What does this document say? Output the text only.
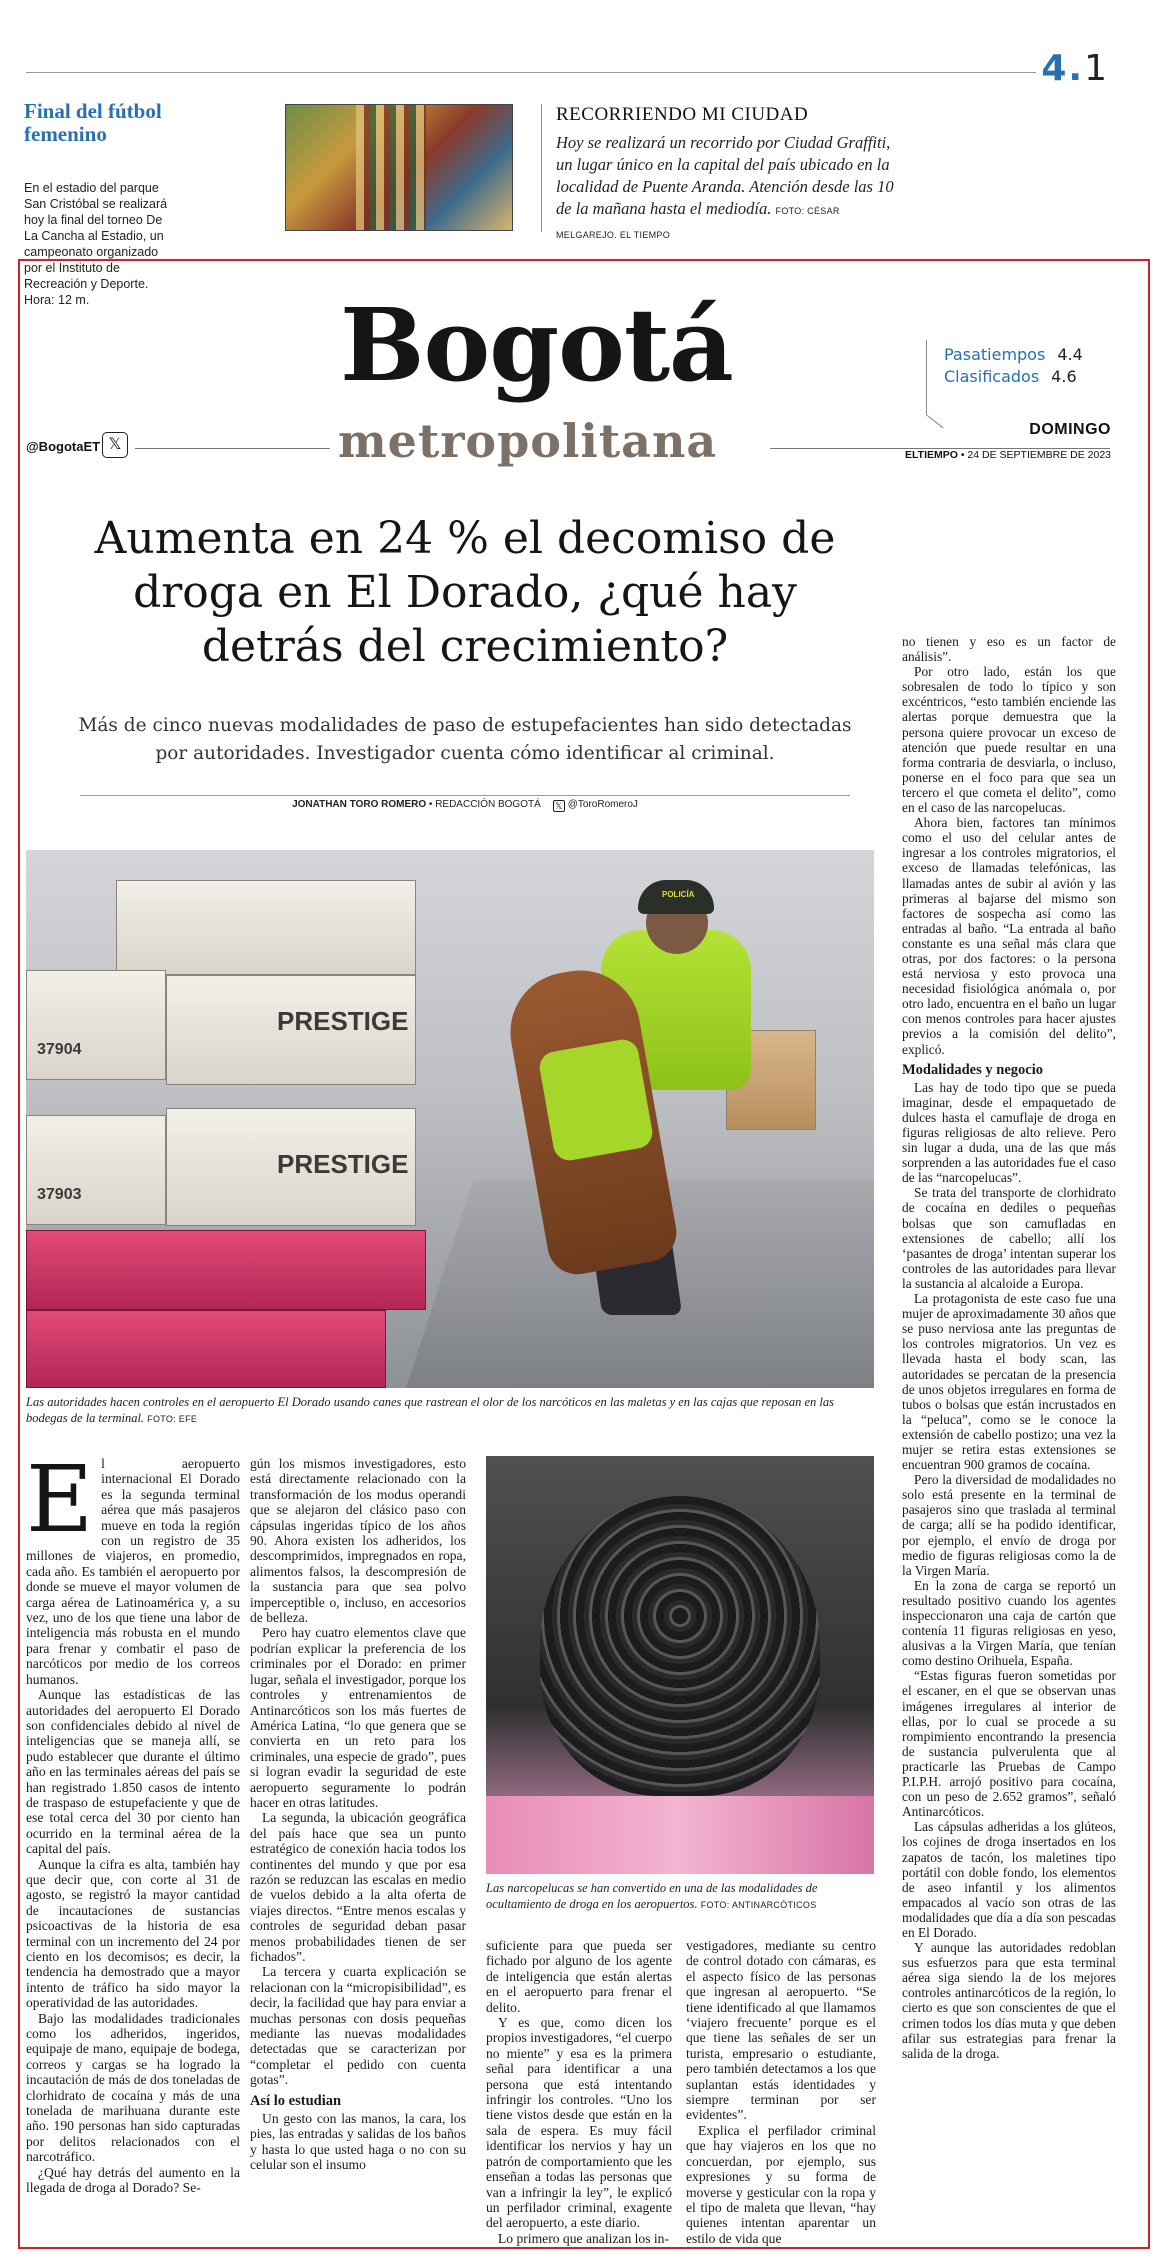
4.1
Final del fútbol femenino
En el estadio del parque San Cristóbal se realizará hoy la final del torneo De La Cancha al Estadio, un campeonato organizado por el Instituto de Recreación y Deporte. Hora: 12 m.
RECORRIENDO MI CIUDAD
Hoy se realizará un recorrido por Ciudad Graffiti, un lugar único en la capital del país ubicado en la localidad de Puente Aranda. Atención desde las 10 de la mañana hasta el mediodía. FOTO: CÉSAR MELGAREJO. EL TIEMPO
Bogotá
metropolitana
@BogotaET 𝕏
Pasatiempos 4.4
Clasificados 4.6
DOMINGO
ELTIEMPO • 24 DE SEPTIEMBRE DE 2023
Aumenta en 24 % el decomiso de droga en El Dorado, ¿qué hay detrás del crecimiento?
Más de cinco nuevas modalidades de paso de estupefacientes han sido detectadas por autoridades. Investigador cuenta cómo identificar al criminal.
JONATHAN TORO ROMERO • REDACCIÓN BOGOTÁ 𝕏 @ToroRomeroJ
37904
PRESTIGE
37903
PRESTIGE
POLICÍA
Las autoridades hacen controles en el aeropuerto El Dorado usando canes que rastrean el olor de los narcóticos en las maletas y en las cajas que reposan en las bodegas de la terminal. FOTO: EFE
Las narcopelucas se han convertido en una de las modalidades de ocultamiento de droga en los aeropuertos. FOTO: ANTINARCÓTICOS

El aeropuerto internacional El Dorado es la segunda terminal aérea que más pasajeros mueve en toda la región con un registro de 35 millones de viajeros, en promedio, cada año. Es también el aeropuerto por donde se mueve el mayor volumen de carga aérea de Latinoamérica y, a su vez, uno de los que tiene una labor de inteligencia más robusta en el mundo para frenar y combatir el paso de narcóticos por medio de los correos humanos.

Aunque las estadísticas de las autoridades del aeropuerto El Dorado son confidenciales debido al nivel de inteligencias que se maneja allí, se pudo establecer que durante el último año en las terminales aéreas del país se han registrado 1.850 casos de intento de traspaso de estupefaciente y que de ese total cerca del 30 por ciento han ocurrido en la terminal aérea de la capital del país.

Aunque la cifra es alta, también hay que decir que, con corte al 31 de agosto, se registró la mayor cantidad de incautaciones de sustancias psicoactivas de la historia de esa terminal con un incremento del 24 por ciento en los decomisos; es decir, la tendencia ha demostrado que a mayor intento de tráfico ha sido mayor la operatividad de las autoridades.

Bajo las modalidades tradicionales como los adheridos, ingeridos, equipaje de mano, equipaje de bodega, correos y cargas se ha logrado la incautación de más de dos toneladas de clorhidrato de cocaína y más de una tonelada de marihuana durante este año. 190 personas han sido capturadas por delitos relacionados con el narcotráfico.

¿Qué hay detrás del aumento en la llegada de droga al Dorado? Se-

gún los mismos investigadores, esto está directamente relacionado con la transformación de los modus operandi que se alejaron del clásico paso con cápsulas ingeridas típico de los años 90. Ahora existen los adheridos, los descomprimidos, impregnados en ropa, alimentos falsos, la descompresión de la sustancia para que sea polvo imperceptible o, incluso, en accesorios de belleza.

Pero hay cuatro elementos clave que podrían explicar la preferencia de los criminales por el Dorado: en primer lugar, señala el investigador, porque los controles y entrenamientos de Antinarcóticos son los más fuertes de América Latina, “lo que genera que se convierta en un reto para los criminales, una especie de grado”, pues si logran evadir la seguridad de este aeropuerto seguramente lo podrán hacer en otras latitudes.

La segunda, la ubicación geográfica del país hace que sea un punto estratégico de conexión hacia todos los continentes del mundo y que por esa razón se reduzcan las escalas en medio de vuelos debido a la alta oferta de viajes directos. “Entre menos escalas y controles de seguridad deban pasar menos probabilidades tienen de ser fichados”.

La tercera y cuarta explicación se relacionan con la “micropisibilidad”, es decir, la facilidad que hay para enviar a muchas personas con dosis pequeñas mediante las nuevas modalidades detectadas que se caracterizan por “completar el pedido con cuenta gotas”.

Así lo estudian

Un gesto con las manos, la cara, los pies, las entradas y salidas de los baños y hasta lo que usted haga o no con su celular son el insumo

suficiente para que pueda ser fichado por alguno de los agente de inteligencia que están alertas en el aeropuerto para frenar el delito.

Y es que, como dicen los propios investigadores, “el cuerpo no miente” y esa es la primera señal para identificar a una persona que está intentando infringir los controles. “Uno los tiene vistos desde que están en la sala de espera. Es muy fácil identificar los nervios y hay un patrón de comportamiento que les enseñan a todas las personas que van a infringir la ley”, le explicó un perfilador criminal, exagente del aeropuerto, a este diario.

Lo primero que analizan los in-

vestigadores, mediante su centro de control dotado con cámaras, es el aspecto físico de las personas que ingresan al aeropuerto. “Se tiene identificado al que llamamos ‘viajero frecuente’ porque es el que tiene las señales de ser un turista, empresario o estudiante, pero también detectamos a los que suplantan estás identidades y siempre terminan por ser evidentes”.

Explica el perfilador criminal que hay viajeros en los que no concuerdan, por ejemplo, sus expresiones y su forma de moverse y gesticular con la ropa y el tipo de maleta que llevan, “hay quienes intentan aparentar un estilo de vida que

no tienen y eso es un factor de análisis”.

Por otro lado, están los que sobresalen de todo lo típico y son excéntricos, “esto también enciende las alertas porque demuestra que la persona quiere provocar un exceso de atención que puede resultar en una forma contraria de desviarla, o incluso, ponerse en el foco para que sea un tercero el que cometa el delito”, como en el caso de las narcopelucas.

Ahora bien, factores tan mínimos como el uso del celular antes de ingresar a los controles migratorios, el exceso de llamadas telefónicas, las llamadas antes de subir al avión y las primeras al bajarse del mismo son factores de sospecha así como las entradas al baño. “La entrada al baño constante es una señal más clara que otras, por dos factores: o la persona está nerviosa y esto provoca una necesidad fisiológica anómala o, por otro lado, encuentra en el baño un lugar con menos controles para hacer ajustes previos a la comisión del delito”, explicó.

Modalidades y negocio

Las hay de todo tipo que se pueda imaginar, desde el empaquetado de dulces hasta el camuflaje de droga en figuras religiosas de alto relieve. Pero sin lugar a duda, una de las que más sorprenden a las autoridades fue el caso de las “narcopelucas”.

Se trata del transporte de clorhidrato de cocaína en dediles o pequeñas bolsas que son camufladas en extensiones de cabello; allí los ‘pasantes de droga’ intentan superar los controles de las autoridades para llevar la sustancia al alcaloide a Europa.

La protagonista de este caso fue una mujer de aproximadamente 30 años que se puso nerviosa ante las preguntas de los controles migratorios. Un vez es llevada hasta el body scan, las autoridades se percatan de la presencia de unos objetos irregulares en forma de tubos o bolsas que están incrustados en la “peluca”, como se le conoce la extensión de cabello postizo; una vez la mujer se retira estas extensiones se encuentran 900 gramos de cocaína.

Pero la diversidad de modalidades no solo está presente en la terminal de pasajeros sino que traslada al terminal de carga; allí se ha podido identificar, por ejemplo, el envío de droga por medio de figuras religiosas como la de la Virgen María.

En la zona de carga se reportó un resultado positivo cuando los agentes inspeccionaron una caja de cartón que contenía 11 figuras religiosas en yeso, alusivas a la Virgen María, que tenían como destino Orihuela, España.

“Estas figuras fueron sometidas por el escaner, en el que se observan unas imágenes irregulares al interior de ellas, por lo cual se procede a su rompimiento encontrando la presencia de sustancia pulverulenta que al practicarle las Pruebas de Campo P.I.P.H. arrojó positivo para cocaína, con un peso de 2.652 gramos”, señaló Antinarcóticos.

Las cápsulas adheridas a los glúteos, los cojines de droga insertados en los zapatos de tacón, los maletines tipo portátil con doble fondo, los elementos de aseo infantil y los alimentos empacados al vacío son otras de las modalidades que día a día son pescadas en El Dorado.

Y aunque las autoridades redoblan sus esfuerzos para que esta terminal aérea siga siendo la de los mejores controles antinarcóticos de la región, lo cierto es que son conscientes de que el crimen todos los días muta y que deben afilar sus estrategias para frenar la salida de la droga.
